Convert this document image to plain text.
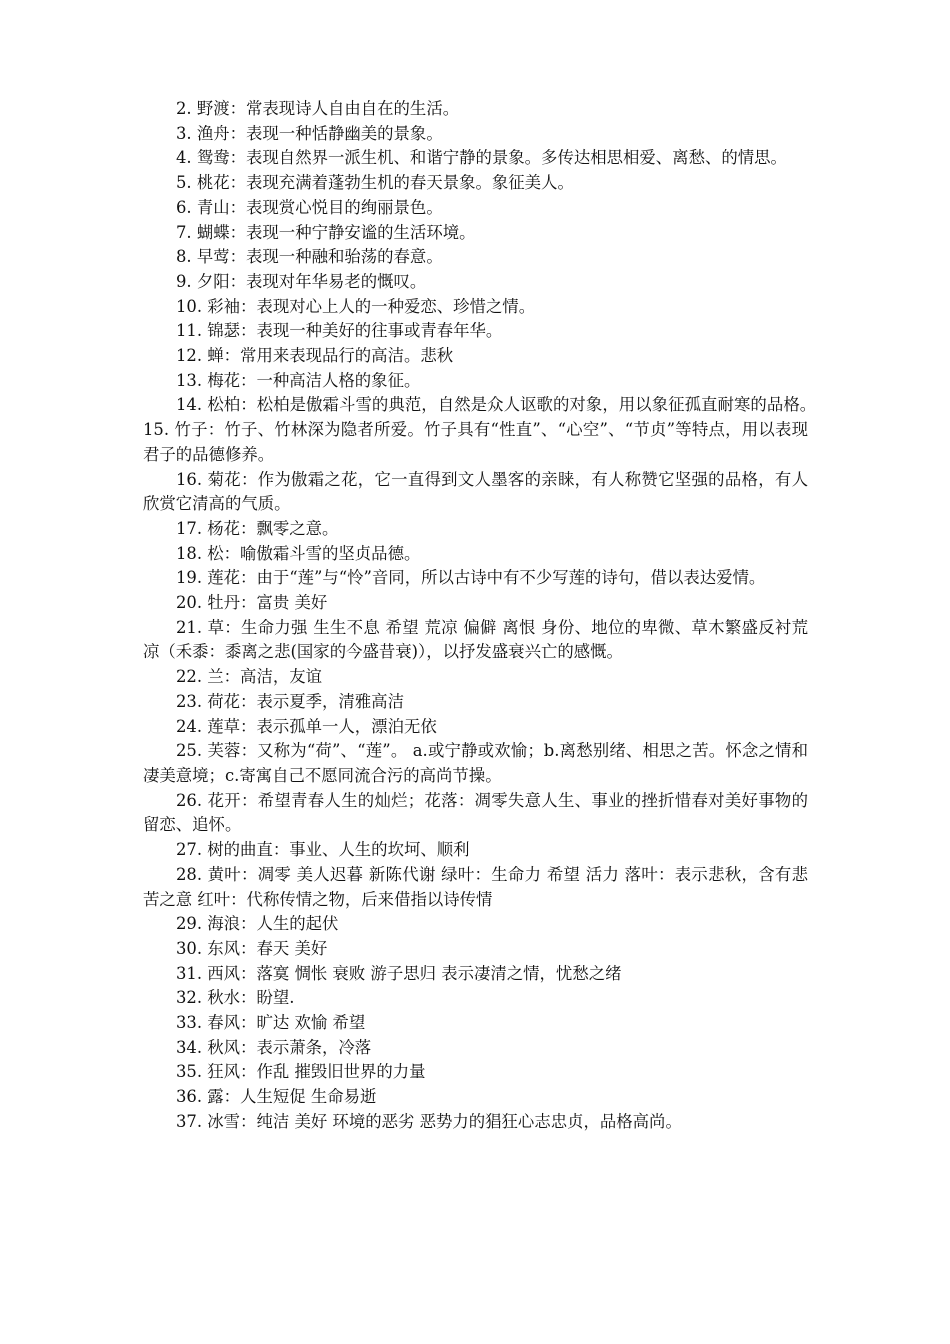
2. 野渡：常表现诗人自由自在的生活。

3. 渔舟：表现一种恬静幽美的景象。

4. 鸳鸯：表现自然界一派生机、和谐宁静的景象。多传达相思相爱、离愁、的情思。

5. 桃花：表现充满着蓬勃生机的春天景象。象征美人。

6. 青山：表现赏心悦目的绚丽景色。

7. 蝴蝶：表现一种宁静安谧的生活环境。

8. 早莺：表现一种融和骀荡的春意。

9. 夕阳：表现对年华易老的慨叹。

10. 彩袖：表现对心上人的一种爱恋、珍惜之情。

11. 锦瑟：表现一种美好的往事或青春年华。

12. 蝉：常用来表现品行的高洁。悲秋

13. 梅花：一种高洁人格的象征。

14. 松柏：松柏是傲霜斗雪的典范，自然是众人讴歌的对象，用以象征孤直耐寒的品格。　15. 竹子：竹子、竹林深为隐者所爱。竹子具有“性直”、“心空”、“节贞”等特点，用以表现君子的品德修养。

16. 菊花：作为傲霜之花，它一直得到文人墨客的亲睐，有人称赞它坚强的品格，有人欣赏它清高的气质。

17. 杨花：飘零之意。

18. 松：喻傲霜斗雪的坚贞品德。

19. 莲花：由于“莲”与“怜”音同，所以古诗中有不少写莲的诗句，借以表达爱情。

20. 牡丹：富贵 美好

21. 草：生命力强 生生不息 希望 荒凉 偏僻 离恨 身份、地位的卑微、草木繁盛反衬荒凉（禾黍：黍离之悲(国家的今盛昔衰)），以抒发盛衰兴亡的感慨。

22. 兰：高洁，友谊

23. 荷花：表示夏季，清雅高洁

24. 莲草：表示孤单一人，漂泊无依

25. 芙蓉：又称为“荷”、“莲”。 a.或宁静或欢愉；b.离愁别绪、相思之苦。怀念之情和凄美意境；c.寄寓自己不愿同流合污的高尚节操。

26. 花开：希望青春人生的灿烂；花落：凋零失意人生、事业的挫折惜春对美好事物的留恋、追怀。

27. 树的曲直：事业、人生的坎坷、顺利

28. 黄叶：凋零 美人迟暮 新陈代谢 绿叶：生命力 希望 活力 落叶：表示悲秋，含有悲苦之意 红叶：代称传情之物，后来借指以诗传情

29. 海浪：人生的起伏

30. 东风：春天 美好

31. 西风：落寞 惆怅 衰败 游子思归 表示凄清之情，忧愁之绪

32. 秋水：盼望.

33. 春风：旷达 欢愉 希望

34. 秋风：表示萧条，冷落

35. 狂风：作乱 摧毁旧世界的力量

36. 露：人生短促 生命易逝

37. 冰雪：纯洁 美好 环境的恶劣 恶势力的猖狂心志忠贞，品格高尚。
